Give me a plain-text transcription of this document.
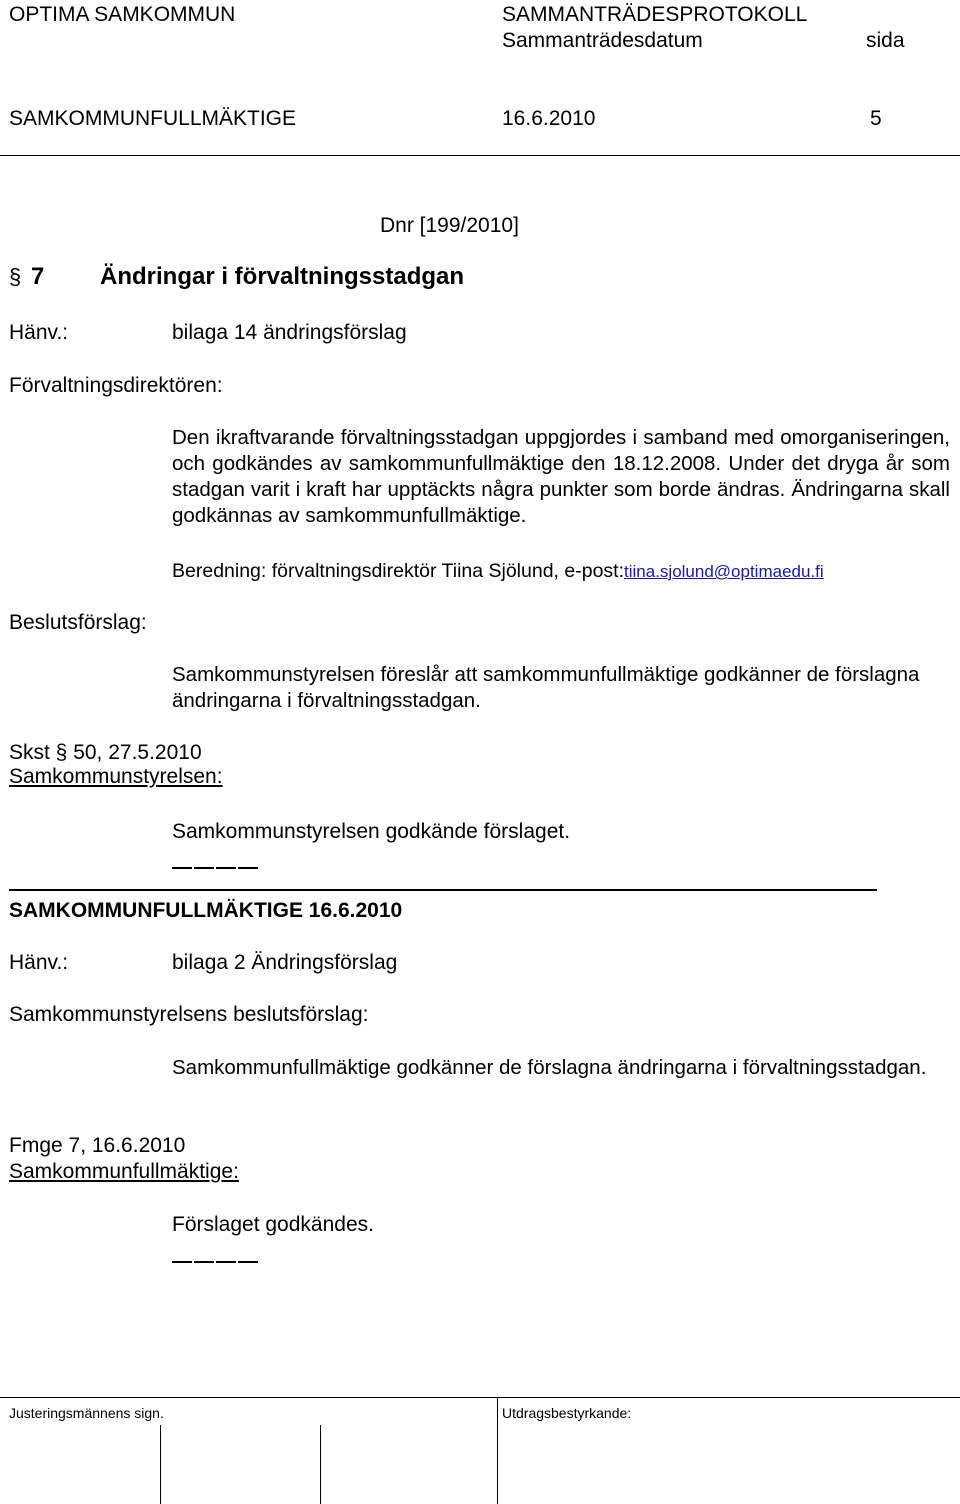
OPTIMA SAMKOMMUN	SAMMANTRÄDESPROTOKOLL
Sammanträdesdatum	sida
SAMKOMMUNFULLMÄKTIGE	16.6.2010	5
Dnr [199/2010]
7 Ändringar i förvaltningsstadgan
§
Hänv.:	bilaga 14 ändringsförslag
Förvaltningsdirektören:

Den ikraftvarande förvaltningsstadgan uppgjordes i samband med omorganiseringen, och godkändes av samkommunfullmäktige den 18.12.2008. Under det dryga år som stadgan varit i kraft har upptäckts några punkter som borde ändras. Ändringarna skall godkännas av samkommunfullmäktige.

Beredning: förvaltningsdirektör Tiina Sjölund, e-post:tiina.sjolund@optimaedu.fi
Beslutsförslag:

Samkommunstyrelsen föreslår att samkommunfullmäktige godkänner de förslagna ändringarna i förvaltningsstadgan.

Skst § 50, 27.5.2010
Samkommunstyrelsen:
Samkommunstyrelsen godkände förslaget.
SAMKOMMUNFULLMÄKTIGE 16.6.2010
Hänv.:	bilaga 2 Ändringsförslag
Samkommunstyrelsens beslutsförslag:

Samkommunfullmäktige godkänner de förslagna ändringarna i förvaltningsstadgan.

Fmge 7, 16.6.2010
Samkommunfullmäktige:
Förslaget godkändes.
Justeringsmännens sign.	Utdragsbestyrkande:
